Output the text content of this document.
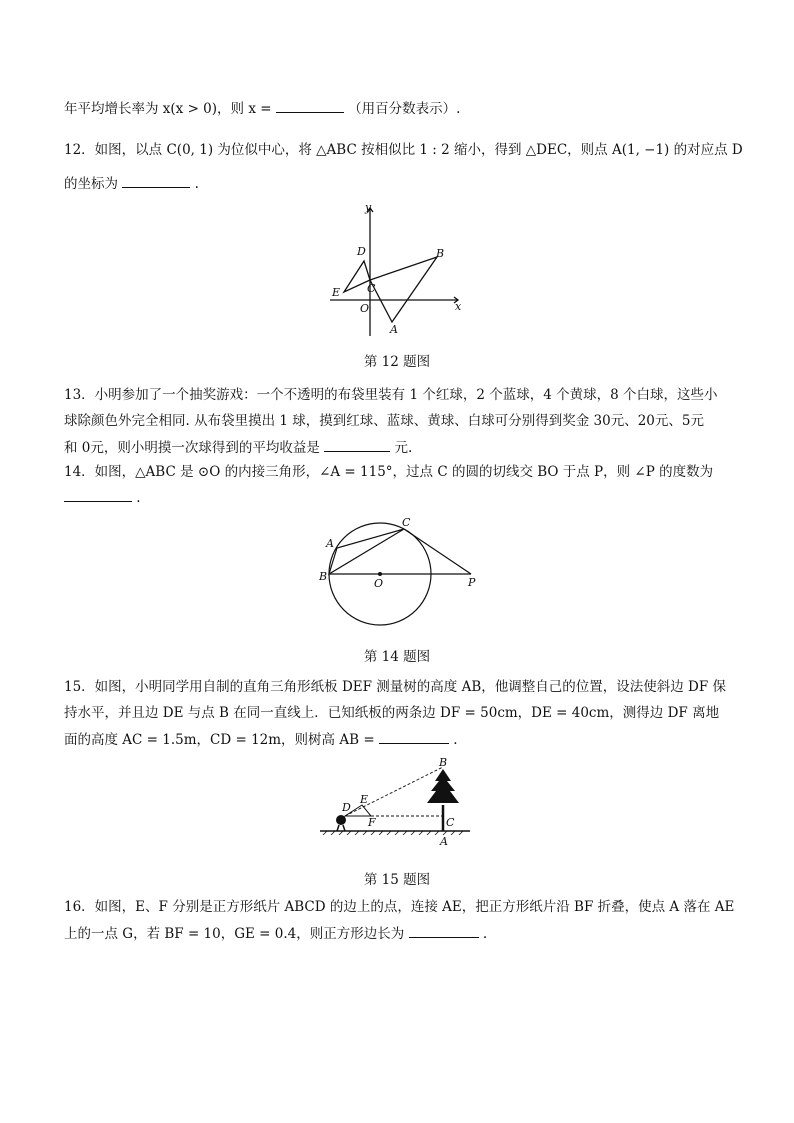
年平均增长率为 x(x > 0)，则 x =	（用百分数表示）.
12．如图，以点 C(0, 1) 为位似中心，将 △ABC 按相似比 1 : 2 缩小，得到 △DEC，则点 A(1, −1) 的对应点 D
的坐标为	.
y
x
D	B
E C
O
A
第 12 题图
13．小明参加了一个抽奖游戏：一个不透明的布袋里装有 1 个红球，2 个蓝球，4 个黄球，8 个白球，这些小
球除颜色外完全相同. 从布袋里摸出 1 球，摸到红球、蓝球、黄球、白球可分别得到奖金 30元、20元、5元
和 0元，则小明摸一次球得到的平均收益是	元.
14．如图，△ABC 是 ⊙O 的内接三角形，∠A = 115°，过点 C 的圆的切线交 BO 于点 P，则 ∠P 的度数为
.
A
B
C
O	P
第 14 题图
15．如图，小明同学用自制的直角三角形纸板 DEF 测量树的高度 AB，他调整自己的位置，设法使斜边 DF 保
持水平，并且边 DE 与点 B 在同一直线上．已知纸板的两条边 DF = 50cm，DE = 40cm，测得边 DF 离地
面的高度 AC = 1.5m，CD = 12m，则树高 AB =	.
B
D
E
F	C
A
第 15 题图
16．如图，E、F 分别是正方形纸片 ABCD 的边上的点，连接 AE，把正方形纸片沿 BF 折叠，使点 A 落在 AE
上的一点 G，若 BF = 10，GE = 0.4，则正方形边长为	.
